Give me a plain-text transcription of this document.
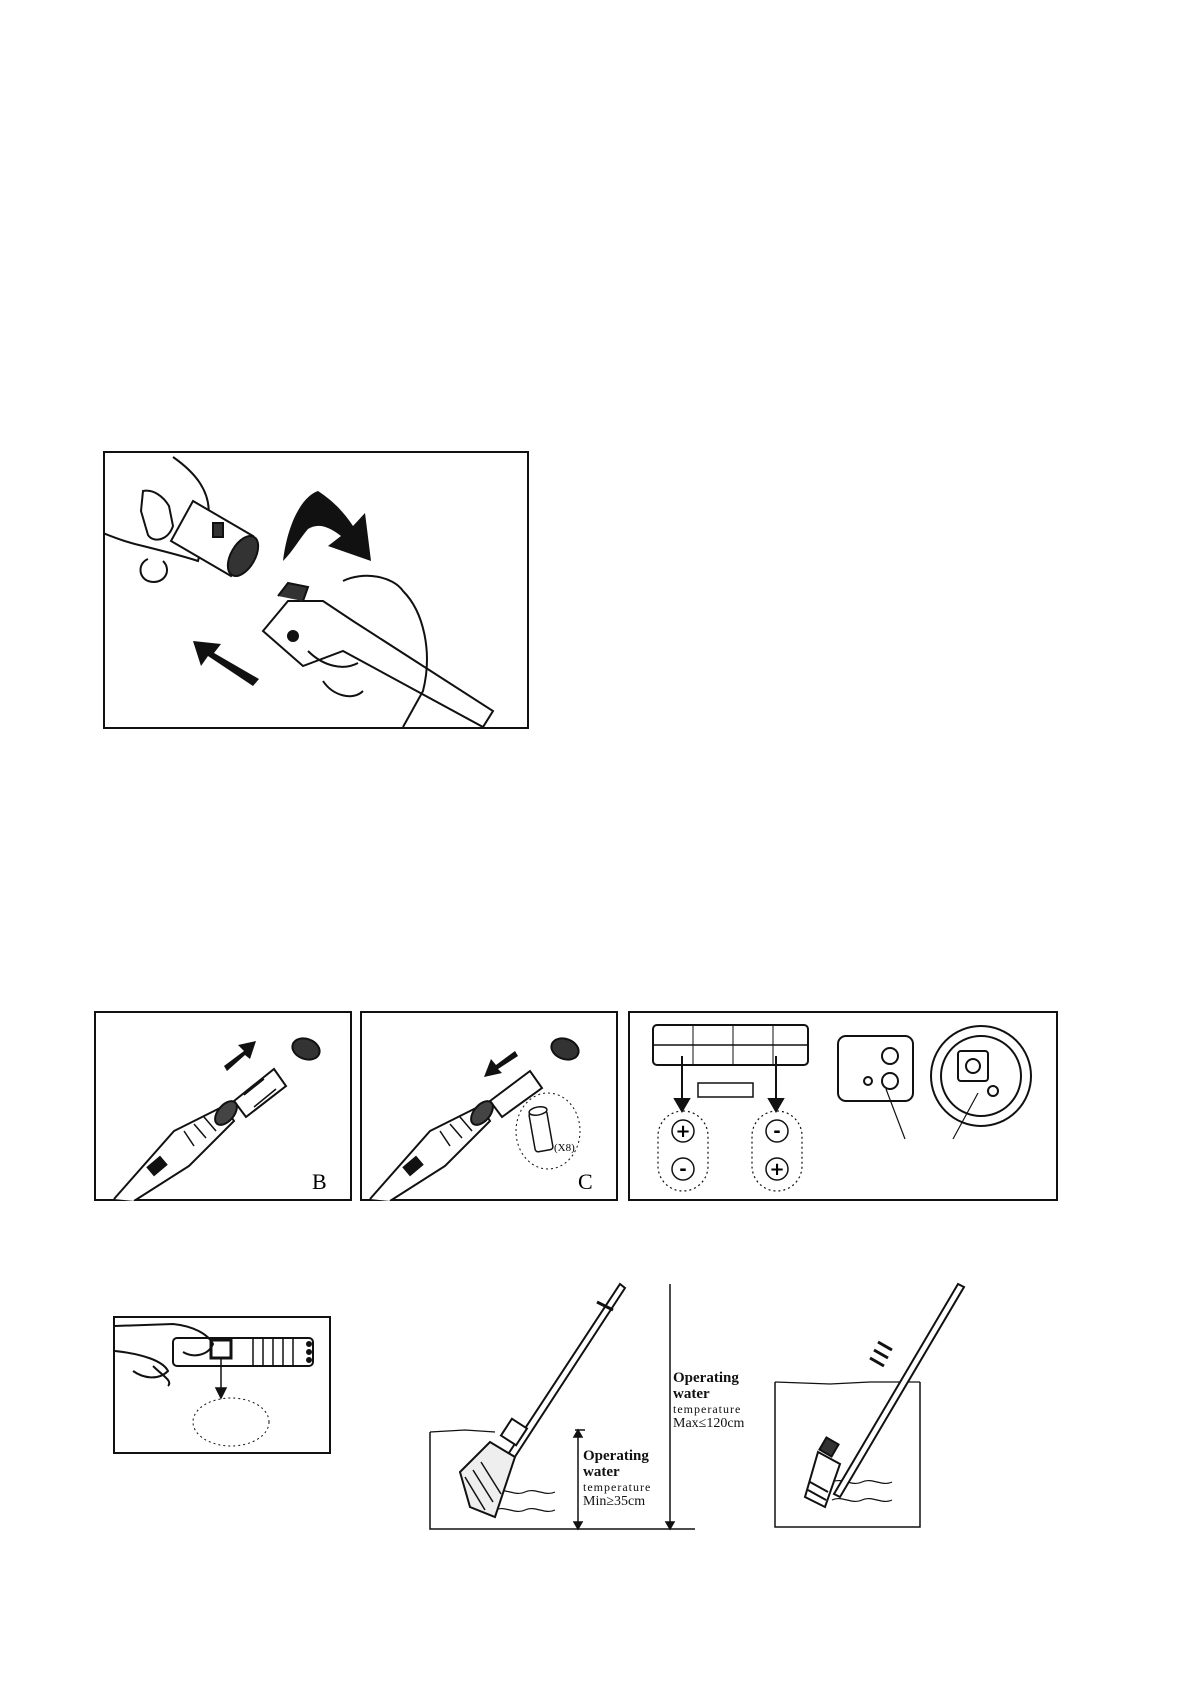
B
(X8)
C
+
-
-
+
Operating
water
temperature
Max≤120cm
Operating
water
temperature
Min≥35cm
